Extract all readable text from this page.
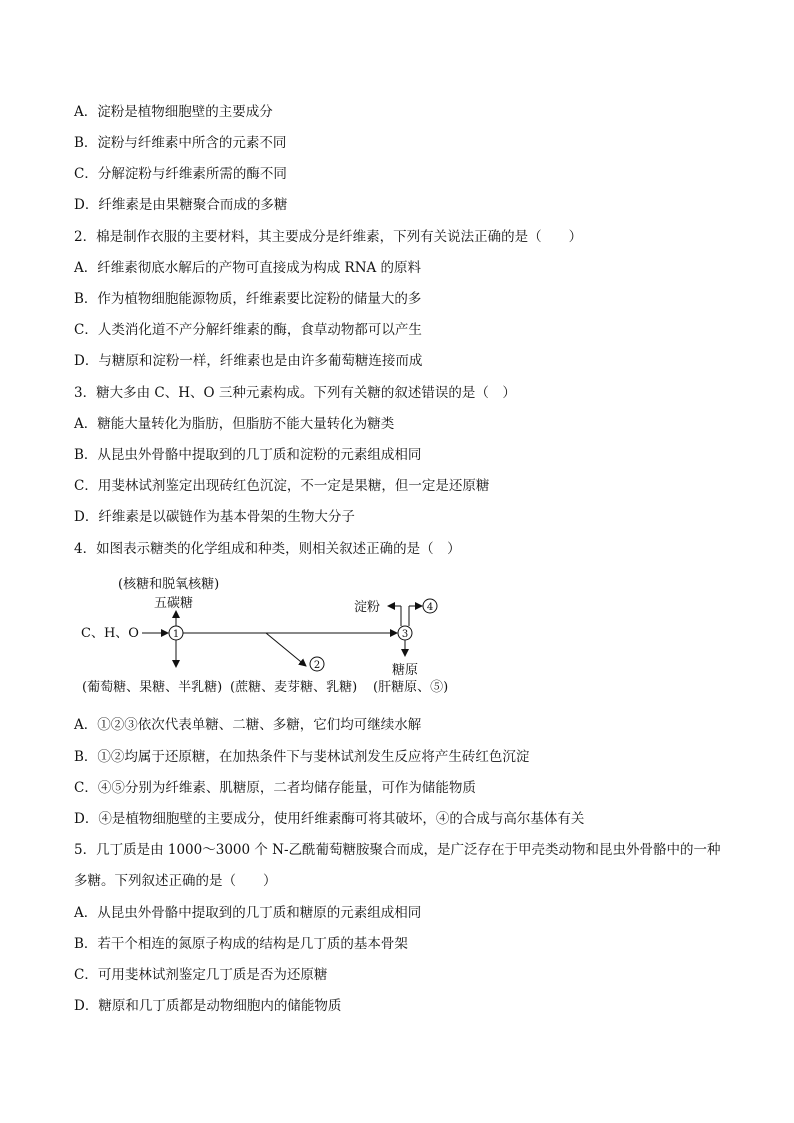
A．淀粉是植物细胞壁的主要成分
B．淀粉与纤维素中所含的元素不同
C．分解淀粉与纤维素所需的酶不同
D．纤维素是由果糖聚合而成的多糖
2．棉是制作衣服的主要材料，其主要成分是纤维素，下列有关说法正确的是（　　）
A．纤维素彻底水解后的产物可直接成为构成 RNA 的原料
B．作为植物细胞能源物质，纤维素要比淀粉的储量大的多
C．人类消化道不产分解纤维素的酶，食草动物都可以产生
D．与糖原和淀粉一样，纤维素也是由许多葡萄糖连接而成
3．糖大多由 C、H、O 三种元素构成。下列有关糖的叙述错误的是（　）
A．糖能大量转化为脂肪，但脂肪不能大量转化为糖类
B．从昆虫外骨骼中提取到的几丁质和淀粉的元素组成相同
C．用斐林试剂鉴定出现砖红色沉淀，不一定是果糖，但一定是还原糖
D．纤维素是以碳链作为基本骨架的生物大分子
4．如图表示糖类的化学组成和种类，则相关叙述正确的是（　）
(核糖和脱氧核糖)
五碳糖
C、H、O	1
2
3
淀粉	4
糖原
(葡萄糖、果糖、半乳糖) (蔗糖、麦芽糖、乳糖) (肝糖原、⑤)
A．①②③依次代表单糖、二糖、多糖，它们均可继续水解
B．①②均属于还原糖，在加热条件下与斐林试剂发生反应将产生砖红色沉淀
C．④⑤分别为纤维素、肌糖原，二者均储存能量，可作为储能物质
D．④是植物细胞壁的主要成分，使用纤维素酶可将其破坏，④的合成与高尔基体有关
5．几丁质是由 1000～3000 个 N-乙酰葡萄糖胺聚合而成，是广泛存在于甲壳类动物和昆虫外骨骼中的一种
多糖。下列叙述正确的是（　　）
A．从昆虫外骨骼中提取到的几丁质和糖原的元素组成相同
B．若干个相连的氮原子构成的结构是几丁质的基本骨架
C．可用斐林试剂鉴定几丁质是否为还原糖
D．糖原和几丁质都是动物细胞内的储能物质
